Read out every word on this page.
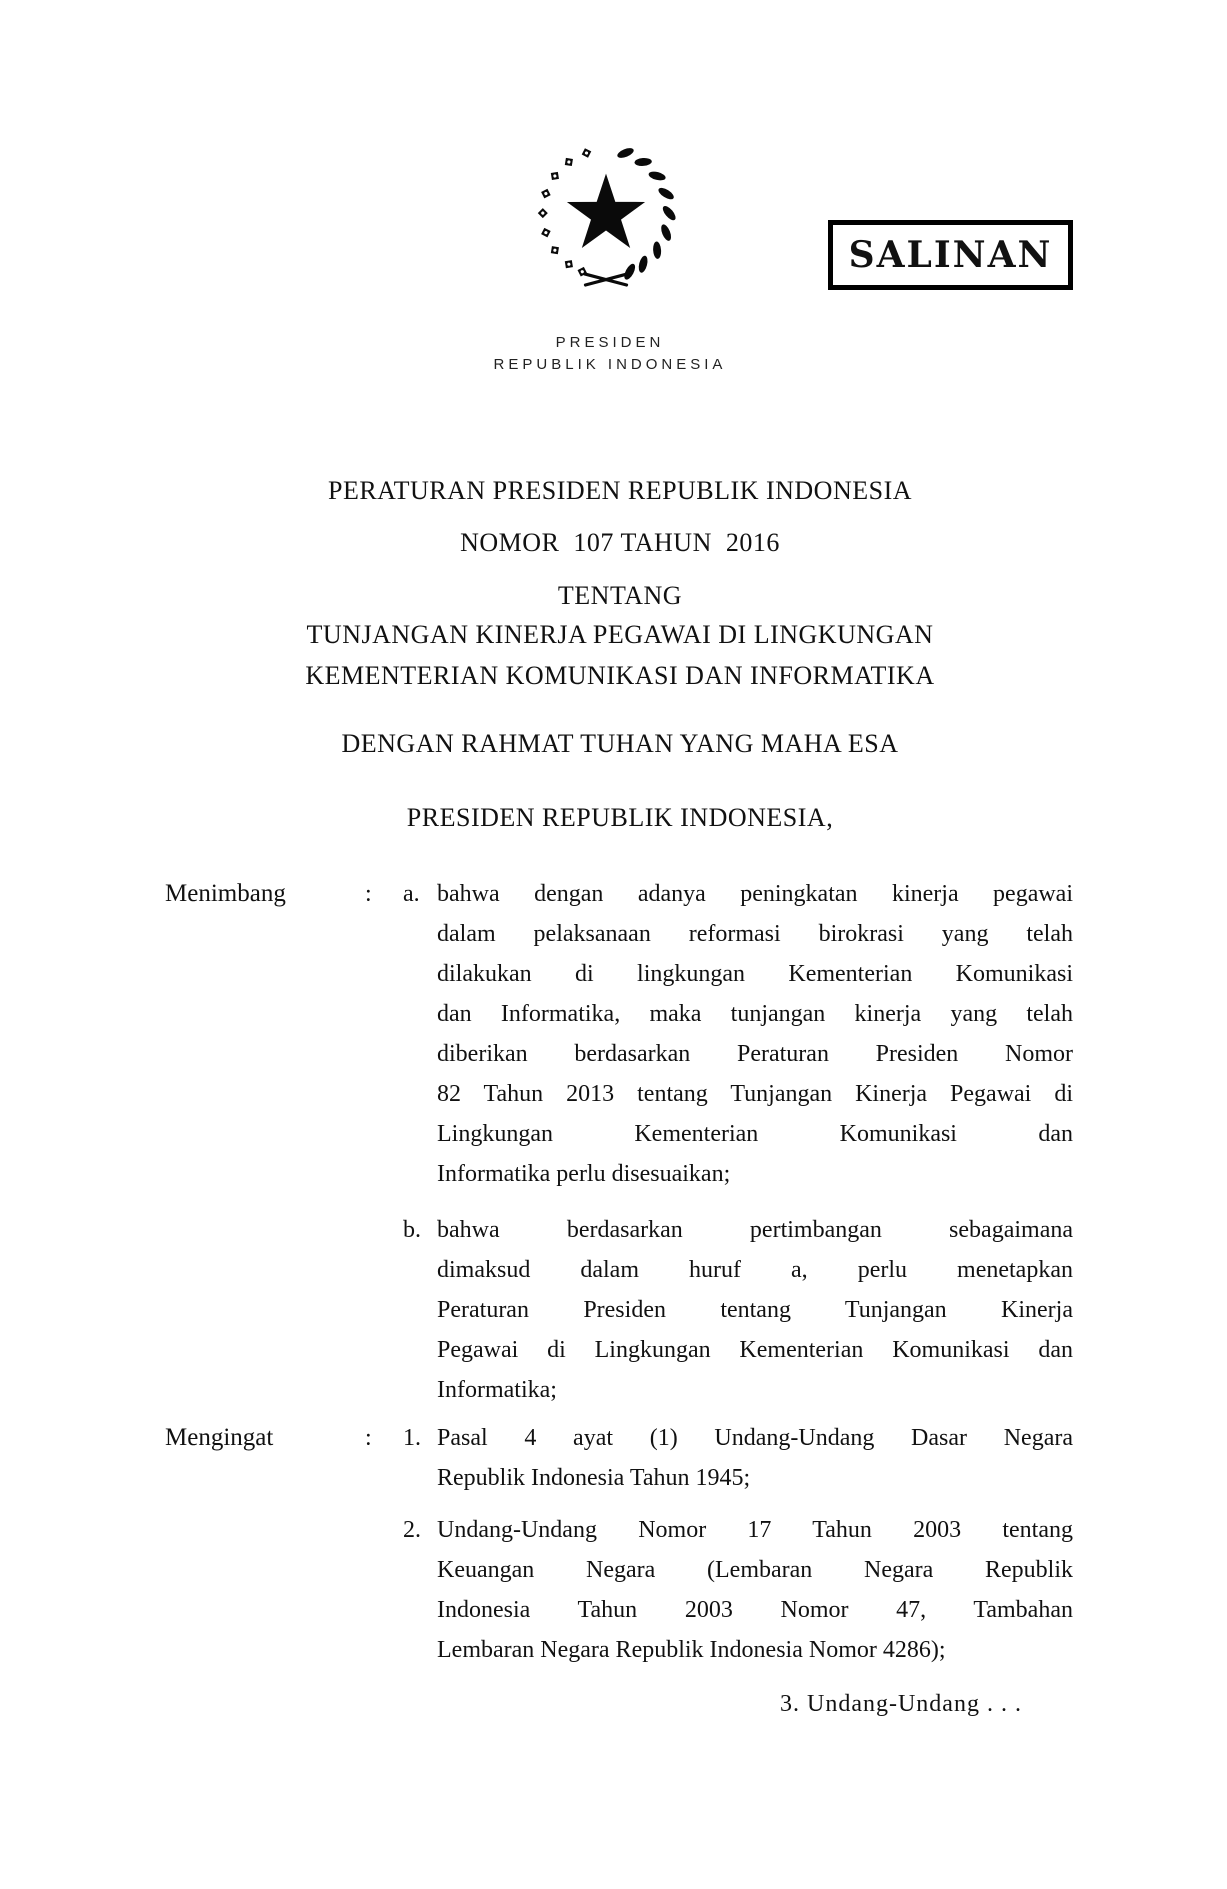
SALINAN
PRESIDEN
REPUBLIK INDONESIA
PERATURAN PRESIDEN REPUBLIK INDONESIA
NOMOR  107 TAHUN  2016
TENTANG
TUNJANGAN KINERJA PEGAWAI DI LINGKUNGAN
KEMENTERIAN KOMUNIKASI DAN INFORMATIKA
DENGAN RAHMAT TUHAN YANG MAHA ESA
PRESIDEN REPUBLIK INDONESIA,
Menimbang	: a. bahwa dengan adanya peningkatan kinerja pegawai
dalam pelaksanaan reformasi birokrasi yang telah
dilakukan di lingkungan Kementerian Komunikasi
dan Informatika, maka tunjangan kinerja yang telah
diberikan berdasarkan Peraturan Presiden Nomor
82 Tahun 2013 tentang Tunjangan Kinerja Pegawai di
Lingkungan Kementerian Komunikasi dan
Informatika perlu disesuaikan;
b. bahwa berdasarkan pertimbangan sebagaimana
dimaksud dalam huruf a, perlu menetapkan
Peraturan Presiden tentang Tunjangan Kinerja
Pegawai di Lingkungan Kementerian Komunikasi dan
Informatika;
Mengingat	: 1. Pasal 4 ayat (1) Undang-Undang Dasar Negara
Republik Indonesia Tahun 1945;
2. Undang-Undang Nomor 17 Tahun 2003 tentang
Keuangan Negara (Lembaran Negara Republik
Indonesia Tahun 2003 Nomor 47, Tambahan
Lembaran Negara Republik Indonesia Nomor 4286);
3. Undang-Undang . . .
